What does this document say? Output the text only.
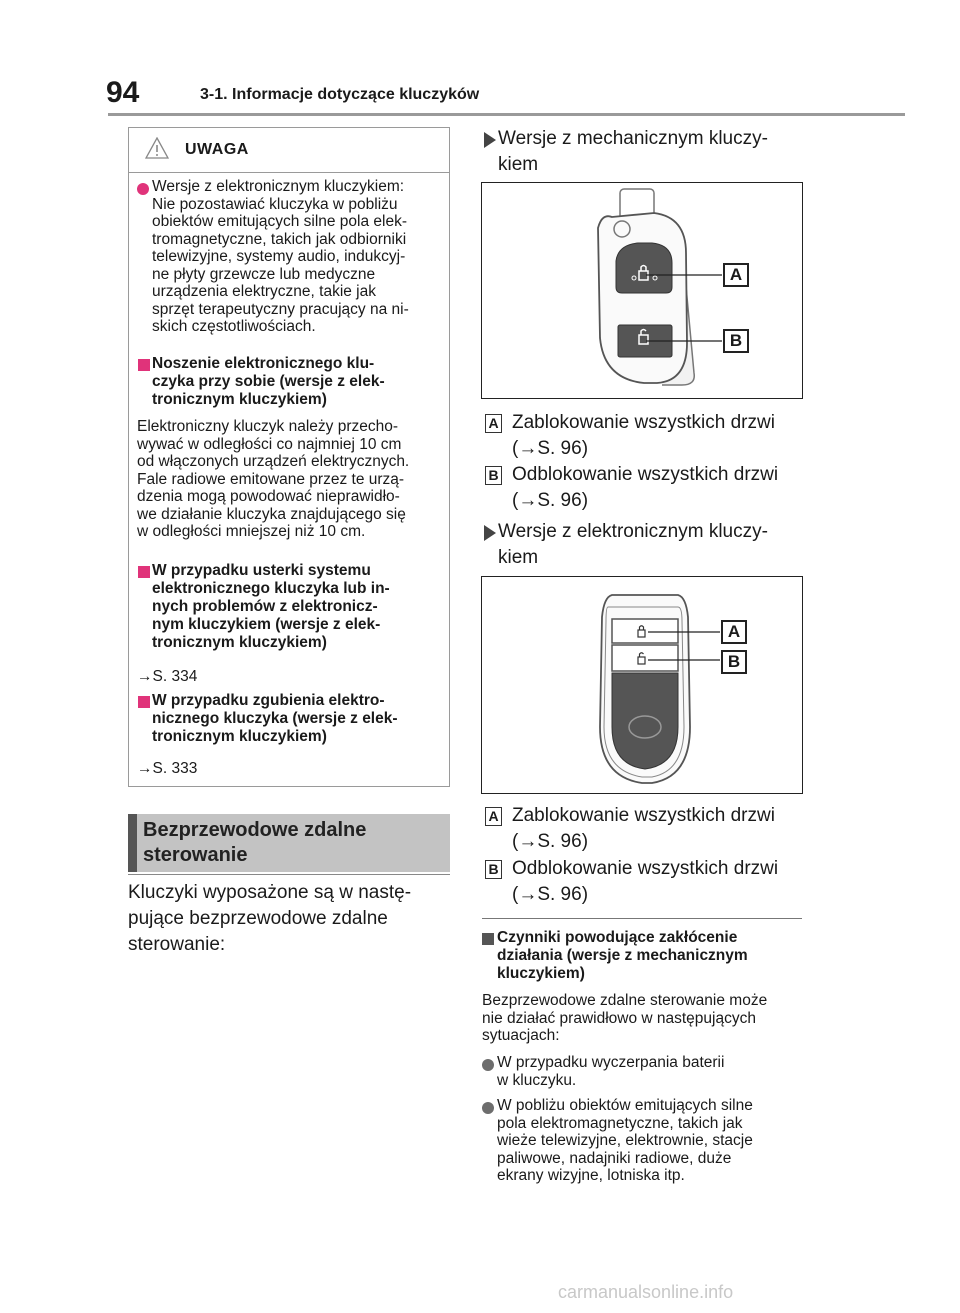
94	3-1. Informacje dotyczące kluczyków
UWAGA
Wersje z elektronicznym kluczykiem:
Nie pozostawiać kluczyka w pobliżu
obiektów emitujących silne pola elek-
tromagnetyczne, takich jak odbiorniki
telewizyjne, systemy audio, indukcyj-
ne płyty grzewcze lub medyczne
urządzenia elektryczne, takie jak
sprzęt terapeutyczny pracujący na ni-
skich częstotliwościach.
Noszenie elektronicznego klu-
czyka przy sobie (wersje z elek-
tronicznym kluczykiem)
Elektroniczny kluczyk należy przecho-
wywać w odległości co najmniej 10 cm
od włączonych urządzeń elektrycznych.
Fale radiowe emitowane przez te urzą-
dzenia mogą powodować nieprawidło-
we działanie kluczyka znajdującego się
w odległości mniejszej niż 10 cm.
W przypadku usterki systemu
elektronicznego kluczyka lub in-
nych problemów z elektronicz-
nym kluczykiem (wersje z elek-
tronicznym kluczykiem)
→S. 334
W przypadku zgubienia elektro-
nicznego kluczyka (wersje z elek-
tronicznym kluczykiem)
→S. 333
Bezprzewodowe zdalne
sterowanie
Kluczyki wyposażone są w nastę-
pujące bezprzewodowe zdalne
sterowanie:
Wersje z mechanicznym kluczy-
kiem
A
B
A Zablokowanie wszystkich drzwi
(→S. 96)
B Odblokowanie wszystkich drzwi
(→S. 96)
Wersje z elektronicznym kluczy-
kiem
A
B
A Zablokowanie wszystkich drzwi
(→S. 96)
B Odblokowanie wszystkich drzwi
(→S. 96)
Czynniki powodujące zakłócenie
działania (wersje z mechanicznym
kluczykiem)
Bezprzewodowe zdalne sterowanie może
nie działać prawidłowo w następujących
sytuacjach:
W przypadku wyczerpania baterii
w kluczyku.
W pobliżu obiektów emitujących silne
pola elektromagnetyczne, takich jak
wieże telewizyjne, elektrownie, stacje
paliwowe, nadajniki radiowe, duże
ekrany wizyjne, lotniska itp.
carmanualsonline.info
